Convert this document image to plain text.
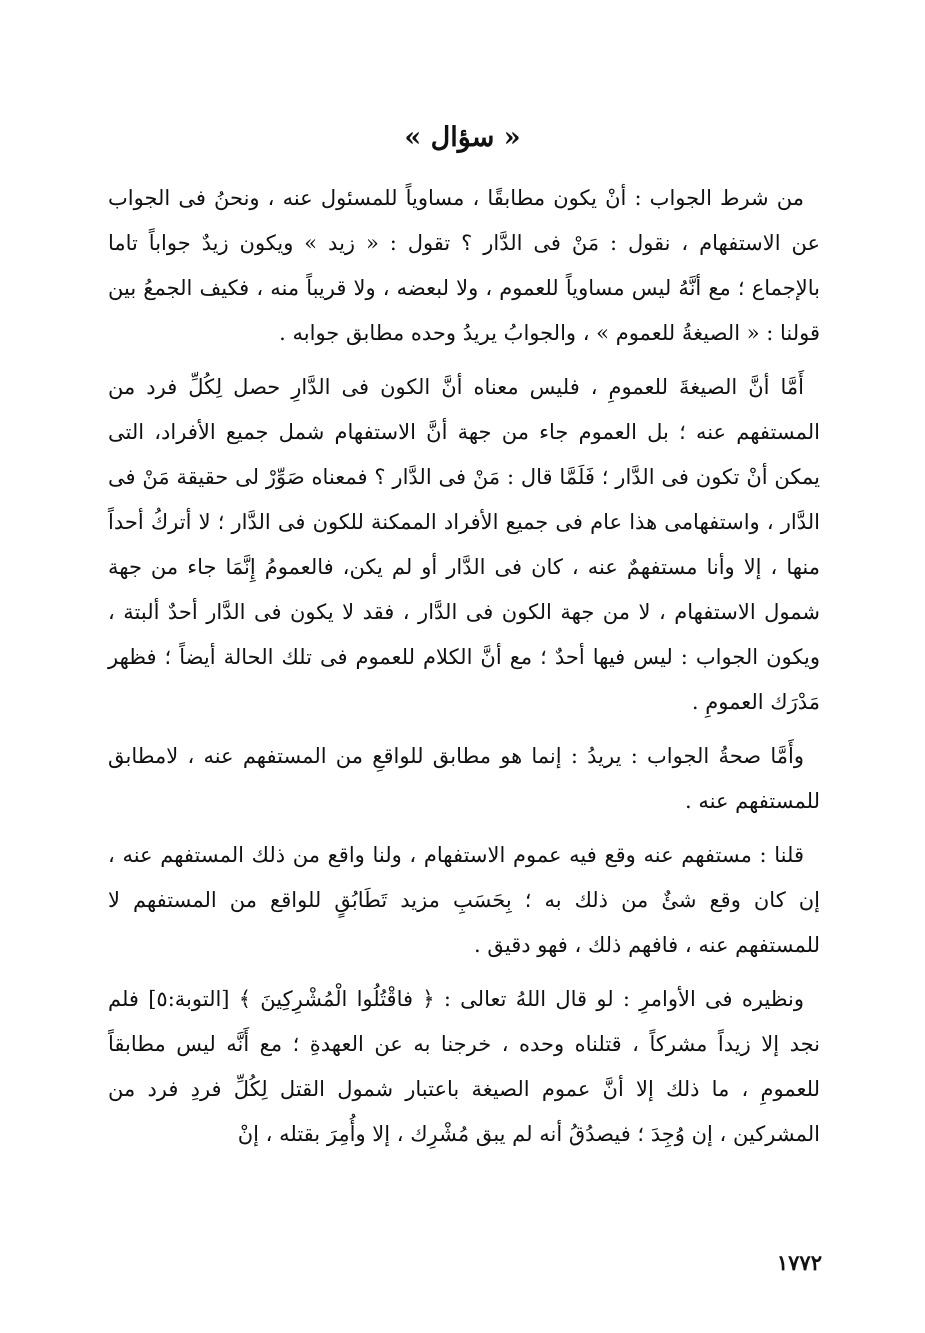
« سؤال »

من شرط الجواب : أنْ يكون مطابقًا ، مساوياً للمسئول عنه ، ونحنُ فى الجواب عن الاستفهام ، نقول : مَنْ فى الدَّار ؟ تقول : « زيد » ويكون زيدٌ جواباً تاما بالإجماع ؛ مع أنَّهُ ليس مساوياً للعموم ، ولا لبعضه ، ولا قريباً منه ، فكيف الجمعُ بين قولنا : « الصيغةُ للعموم » ، والجوابُ يريدُ وحده مطابق جوابه .

أَمَّا أنَّ الصيغةَ للعمومِ ، فليس معناه أنَّ الكون فى الدَّارِ حصل لِكُلِّ فرد من المستفهم عنه ؛ بل العموم جاء من جهة أنَّ الاستفهام شمل جميع الأفراد، التى يمكن أنْ تكون فى الدَّار ؛ فَلَمَّا قال : مَنْ فى الدَّار ؟ فمعناه صَوِّرْ لى حقيقة مَنْ فى الدَّار ، واستفهامى هذا عام فى جميع الأفراد الممكنة للكون فى الدَّار ؛ لا أتركُ أحداً منها ، إلا وأنا مستفهمٌ عنه ، كان فى الدَّار أو لم يكن، فالعمومُ إِنَّمَا جاء من جهة شمول الاستفهام ، لا من جهة الكون فى الدَّار ، فقد لا يكون فى الدَّار أحدٌ ألبتة ، ويكون الجواب : ليس فيها أحدٌ ؛ مع أنَّ الكلام للعموم فى تلك الحالة أيضاً ؛ فظهر مَدْرَك العمومِ .

وأَمَّا صحةُ الجواب : يريدُ : إنما هو مطابق للواقعِ من المستفهم عنه ، لامطابق للمستفهم عنه .

قلنا : مستفهم عنه وقع فيه عموم الاستفهام ، ولنا واقع من ذلك المستفهم عنه ، إن كان وقع شئٌ من ذلك به ؛ بِحَسَبِ مزيد تَطَابُقٍ للواقع من المستفهم لا للمستفهم عنه ، فافهم ذلك ، فهو دقيق .

ونظيره فى الأوامرِ : لو قال اللهُ تعالى : ﴿ فاقْتُلُوا الْمُشْرِكِينَ ﴾ [التوبة:٥] فلم نجد إلا زيداً مشركاً ، قتلناه وحده ، خرجنا به عن العهدةِ ؛ مع أَنَّه ليس مطابقاً للعمومِ ، ما ذلك إلا أنَّ عموم الصيغة باعتبار شمول القتل لِكُلِّ فردِ فرد من المشركين ، إن وُجِدَ ؛ فيصدُقُ أنه لم يبق مُشْرِك ، إلا وأُمِرَ بقتله ، إنْ

١٧٧٢
